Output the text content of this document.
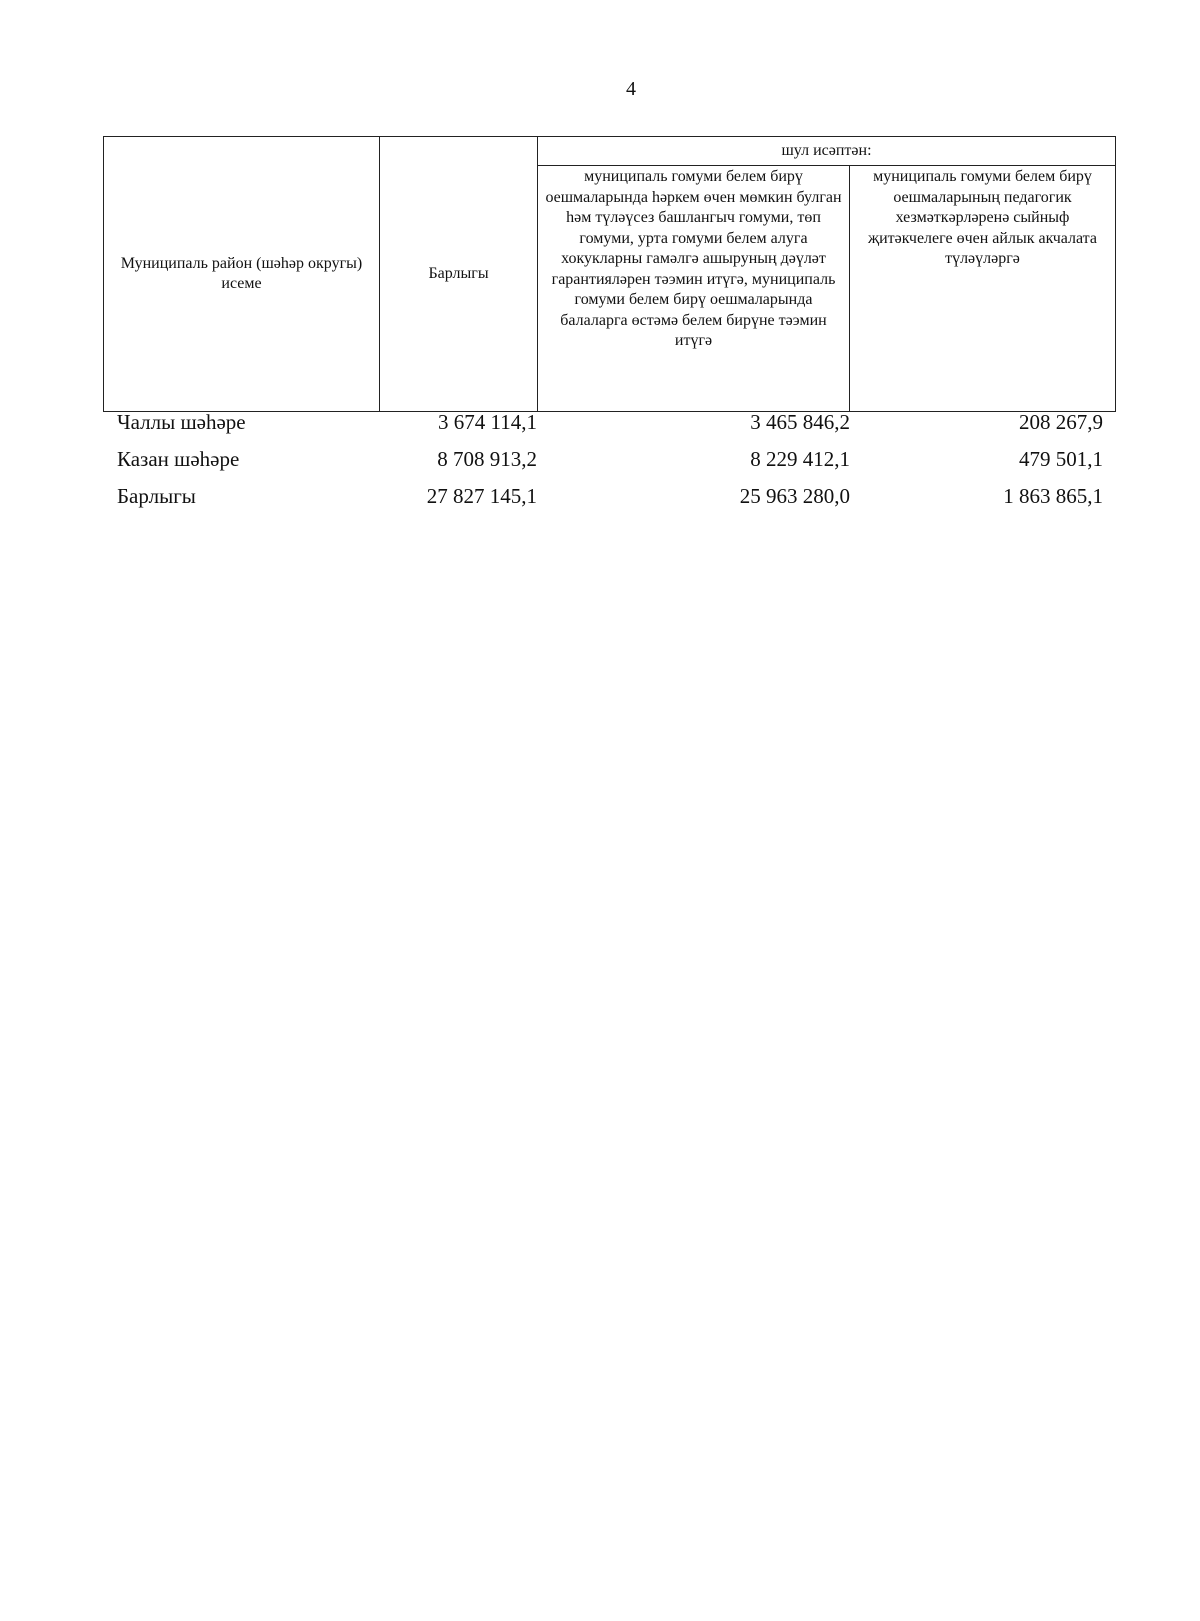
4
Муниципаль район (шәһәр округы) исеме	Барлыгы	шул исәптән:	
		муниципаль гомуми белем бирү оешмаларында һәркем өчен мөмкин булган һәм түләүсез башлангыч гомуми, төп гомуми, урта гомуми белем алуга хокукларны гамәлгә ашыруның дәүләт гарантияләрен тәэмин итүгә, муниципаль гомуми белем бирү оешмаларында балаларга өстәмә белем бирүне тәэмин итүгә	муниципаль гомуми белем бирү оешмаларының педагогик хезмәткәрләренә сыйныф җитәкчелеге өчен айлык акчалата түләүләргә
Чаллы шәһәре	3 674 114,1	3 465 846,2	208 267,9
Казан шәһәре	8 708 913,2	8 229 412,1	479 501,1
Барлыгы	27 827 145,1	25 963 280,0	1 863 865,1
